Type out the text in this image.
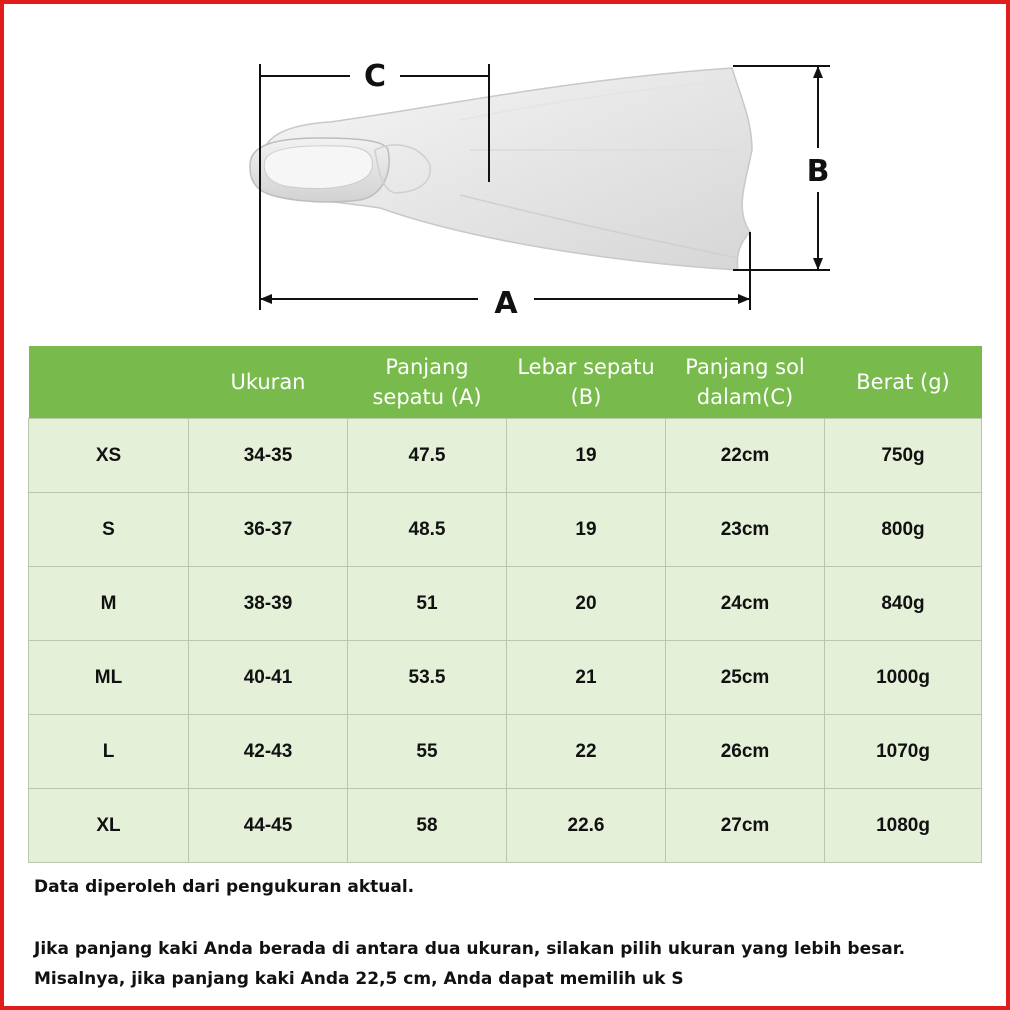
C
B
A
	Ukuran	Panjang sepatu (A)	Lebar sepatu (B)	Panjang sol dalam(C)	Berat (g)
XS	34-35	47.5	19	22cm	750g
S	36-37	48.5	19	23cm	800g
M	38-39	51	20	24cm	840g
ML	40-41	53.5	21	25cm	1000g
L	42-43	55	22	26cm	1070g
XL	44-45	58	22.6	27cm	1080g

Data diperoleh dari pengukuran aktual.

Jika panjang kaki Anda berada di antara dua ukuran, silakan pilih ukuran yang lebih besar.

Misalnya, jika panjang kaki Anda 22,5 cm, Anda dapat memilih uk S
